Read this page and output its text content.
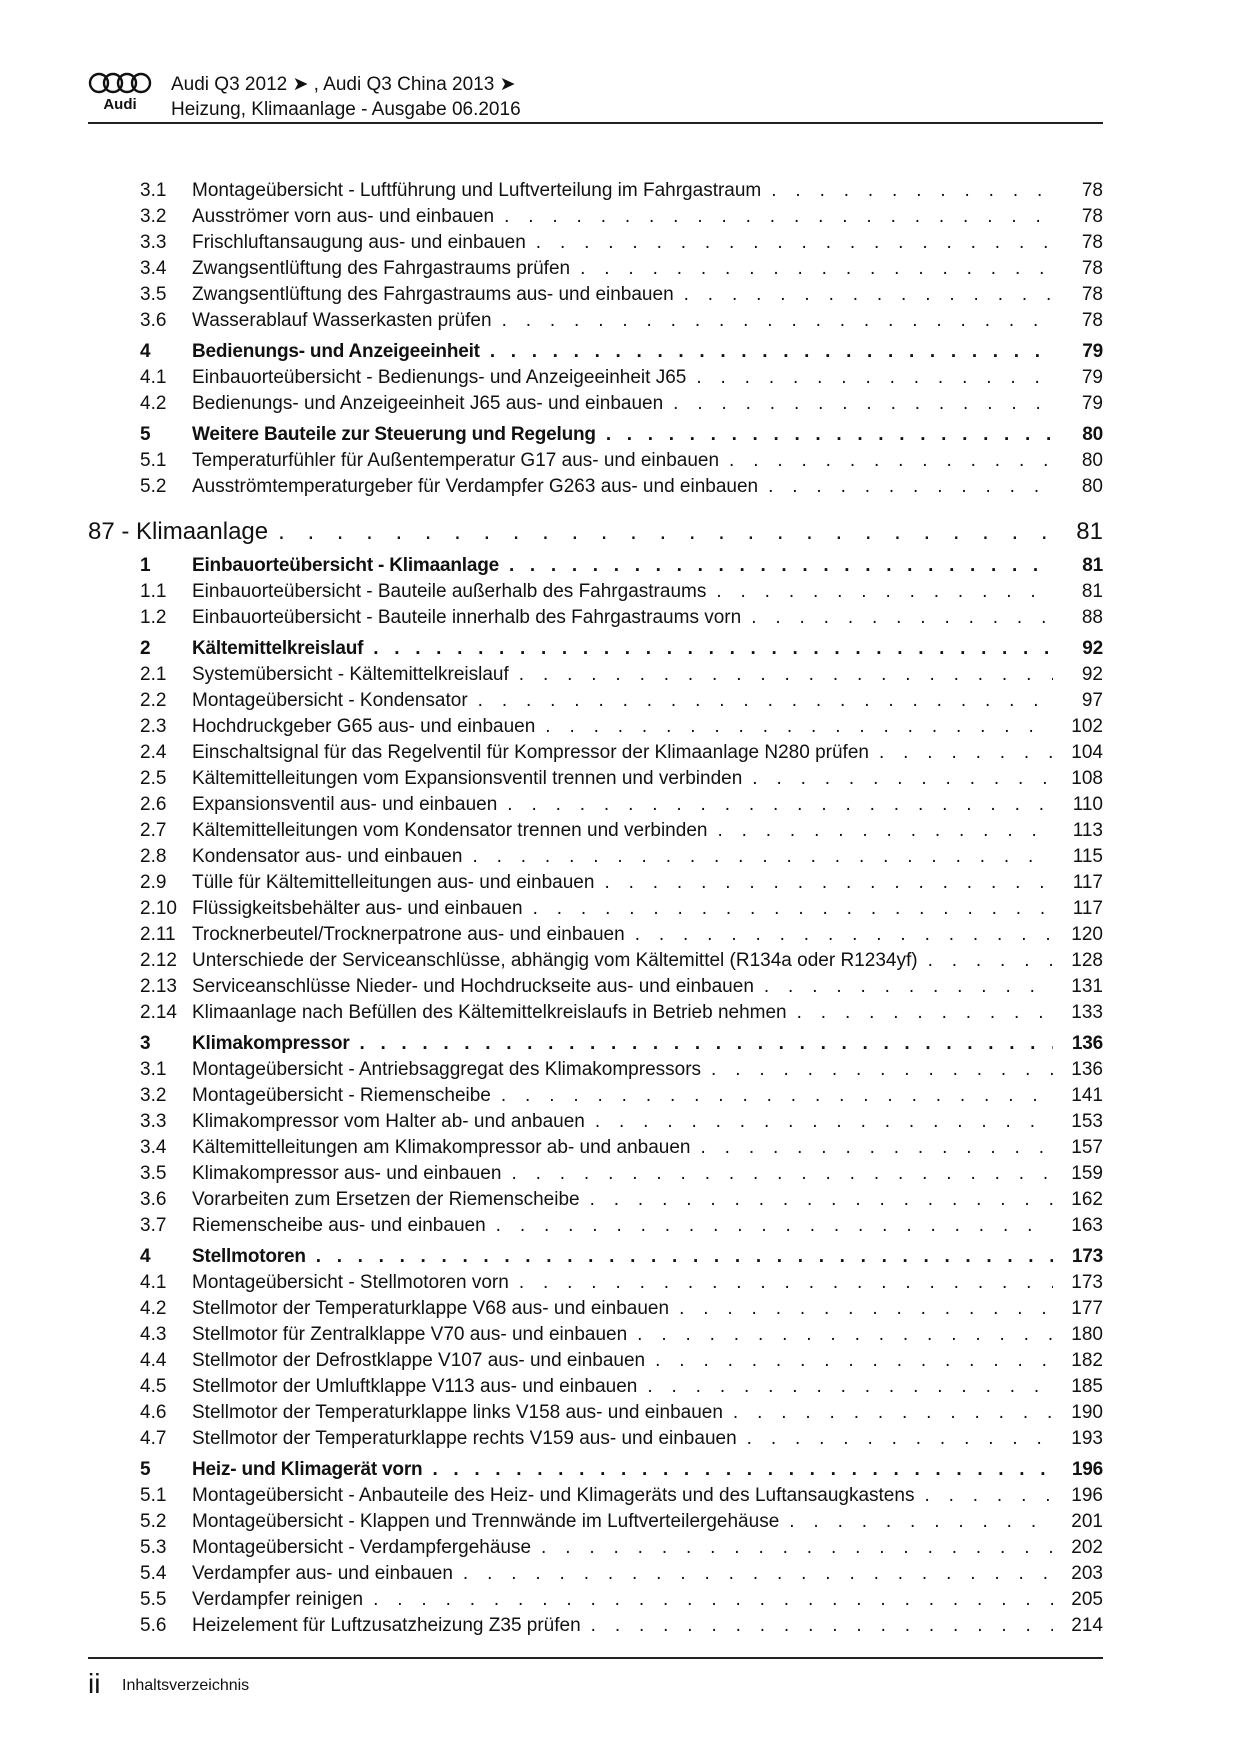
Audi
Audi Q3 2012 ➤ , Audi Q3 China 2013 ➤
Heizung, Klimaanlage - Ausgabe 06.2016
3.1	Montageübersicht - Luftführung und Luftverteilung im Fahrgastraum . . .	78
3.2	Ausströmer vorn aus- und einbauen . . .	78
3.3	Frischluftansaugung aus- und einbauen . . .	78
3.4	Zwangsentlüftung des Fahrgastraums prüfen . . .	78
3.5	Zwangsentlüftung des Fahrgastraums aus- und einbauen . . .	78
3.6	Wasserablauf Wasserkasten prüfen . . .	78
4	Bedienungs- und Anzeigeeinheit . . .	79
4.1	Einbauorteübersicht - Bedienungs- und Anzeigeeinheit J65 . . .	79
4.2	Bedienungs- und Anzeigeeinheit J65 aus- und einbauen . . .	79
5	Weitere Bauteile zur Steuerung und Regelung . . .	80
5.1	Temperaturfühler für Außentemperatur G17 aus- und einbauen . . .	80
5.2	Ausströmtemperaturgeber für Verdampfer G263 aus- und einbauen . . .	80
87 - Klimaanlage . . .	81
1	Einbauorteübersicht - Klimaanlage . . .	81
1.1	Einbauorteübersicht - Bauteile außerhalb des Fahrgastraums . . .	81
1.2	Einbauorteübersicht - Bauteile innerhalb des Fahrgastraums vorn . . .	88
2	Kältemittelkreislauf . . .	92
2.1	Systemübersicht - Kältemittelkreislauf . . .	92
2.2	Montageübersicht - Kondensator . . .	97
2.3	Hochdruckgeber G65 aus- und einbauen . . .	102
2.4	Einschaltsignal für das Regelventil für Kompressor der Klimaanlage N280 prüfen . . .	104
2.5	Kältemittelleitungen vom Expansionsventil trennen und verbinden . . .	108
2.6	Expansionsventil aus- und einbauen . . .	110
2.7	Kältemittelleitungen vom Kondensator trennen und verbinden . . .	113
2.8	Kondensator aus- und einbauen . . .	115
2.9	Tülle für Kältemittelleitungen aus- und einbauen . . .	117
2.10 Flüssigkeitsbehälter aus- und einbauen . . .	117
2.11 Trocknerbeutel/Trocknerpatrone aus- und einbauen . . .	120
2.12 Unterschiede der Serviceanschlüsse, abhängig vom Kältemittel (R134a oder R1234yf) . . .	128
2.13 Serviceanschlüsse Nieder- und Hochdruckseite aus- und einbauen . . .	131
2.14 Klimaanlage nach Befüllen des Kältemittelkreislaufs in Betrieb nehmen . . .	133
3	Klimakompressor . . .	136
3.1	Montageübersicht - Antriebsaggregat des Klimakompressors . . .	136
3.2	Montageübersicht - Riemenscheibe . . .	141
3.3	Klimakompressor vom Halter ab- und anbauen . . .	153
3.4	Kältemittelleitungen am Klimakompressor ab- und anbauen . . .	157
3.5	Klimakompressor aus- und einbauen . . .	159
3.6	Vorarbeiten zum Ersetzen der Riemenscheibe . . .	162
3.7	Riemenscheibe aus- und einbauen . . .	163
4	Stellmotoren . . .	173
4.1	Montageübersicht - Stellmotoren vorn . . .	173
4.2	Stellmotor der Temperaturklappe V68 aus- und einbauen . . .	177
4.3	Stellmotor für Zentralklappe V70 aus- und einbauen . . .	180
4.4	Stellmotor der Defrostklappe V107 aus- und einbauen . . .	182
4.5	Stellmotor der Umluftklappe V113 aus- und einbauen . . .	185
4.6	Stellmotor der Temperaturklappe links V158 aus- und einbauen . . .	190
4.7	Stellmotor der Temperaturklappe rechts V159 aus- und einbauen . . .	193
5	Heiz- und Klimagerät vorn . . .	196
5.1	Montageübersicht - Anbauteile des Heiz- und Klimageräts und des Luftansaugkastens . . .	196
5.2	Montageübersicht - Klappen und Trennwände im Luftverteilergehäuse . . .	201
5.3	Montageübersicht - Verdampfergehäuse . . .	202
5.4	Verdampfer aus- und einbauen . . .	203
5.5	Verdampfer reinigen . . .	205
5.6	Heizelement für Luftzusatzheizung Z35 prüfen . . .	214
ii Inhaltsverzeichnis
